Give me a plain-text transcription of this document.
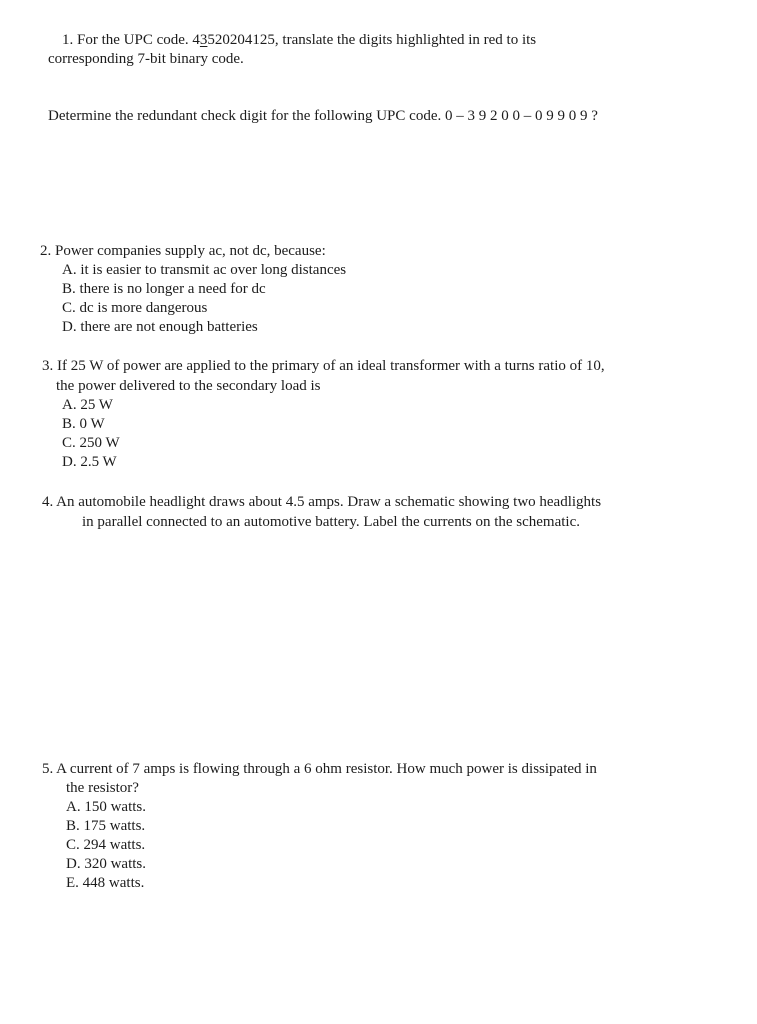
1. For the UPC code. 43520204125, translate the digits highlighted in red to its
corresponding 7-bit binary code.
Determine the redundant check digit for the following UPC code. 0 – 3 9 2 0 0 – 0 9 9 0 9 ?
2. Power companies supply ac, not dc, because:
A. it is easier to transmit ac over long distances
B. there is no longer a need for dc
C. dc is more dangerous
D. there are not enough batteries
3. If 25 W of power are applied to the primary of an ideal transformer with a turns ratio of 10,
the power delivered to the secondary load is
A. 25 W
B. 0 W
C. 250 W
D. 2.5 W
4. An automobile headlight draws about 4.5 amps. Draw a schematic showing two headlights
in parallel connected to an automotive battery. Label the currents on the schematic.
5. A current of 7 amps is flowing through a 6 ohm resistor. How much power is dissipated in
the resistor?
A. 150 watts.
B. 175 watts.
C. 294 watts.
D. 320 watts.
E. 448 watts.
